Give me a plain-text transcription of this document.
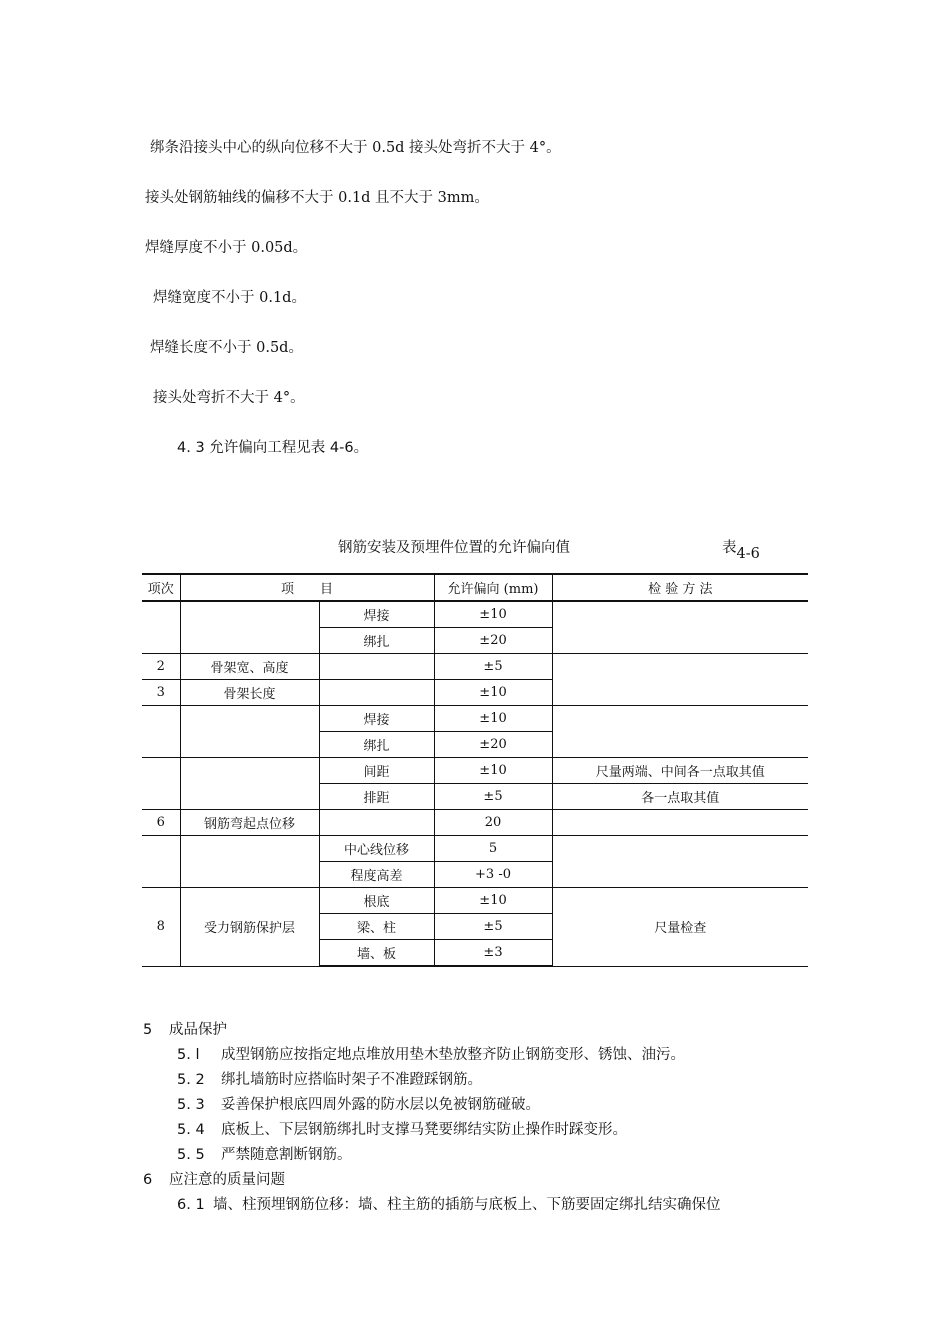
绑条沿接头中心的纵向位移不大于 0.5d 接头处弯折不大于 4°。
接头处钢筋轴线的偏移不大于 0.1d 且不大于 3mm。
焊缝厚度不小于 0.05d。
焊缝宽度不小于 0.1d。
焊缝长度不小于 0.5d。
接头处弯折不大于 4°。
4. 3 允许偏向工程见表 4-6。
钢筋安装及预埋件位置的允许偏向值	表4-6
项次	项　　目		允许偏向 (mm)	检 验 方 法
		焊接	±10	
		绑扎	±20	
2	骨架宽、高度		±5	
3	骨架长度		±10	
		焊接	±10	
		绑扎	±20	
		间距	±10	尺量两端、中间各一点取其值
		排距	±5	各一点取其值
6	钢筋弯起点位移		20	
		中心线位移	5	
		程度高差	+3 -0	
8	受力钢筋保护层	根底	±10	尺量检查
		梁、柱	±5	
		墙、板	±3	
5 成品保护
5. l 成型钢筋应按指定地点堆放用垫木垫放整齐防止钢筋变形、锈蚀、油污。
5. 2 绑扎墙筋时应搭临时架子不准蹬踩钢筋。
5. 3 妥善保护根底四周外露的防水层以免被钢筋碰破。
5. 4 底板上、下层钢筋绑扎时支撑马凳要绑结实防止操作时踩变形。
5. 5 严禁随意割断钢筋。
6 应注意的质量问题
6. 1 墙、柱预埋钢筋位移：墙、柱主筋的插筋与底板上、下筋要固定绑扎结实确保位
